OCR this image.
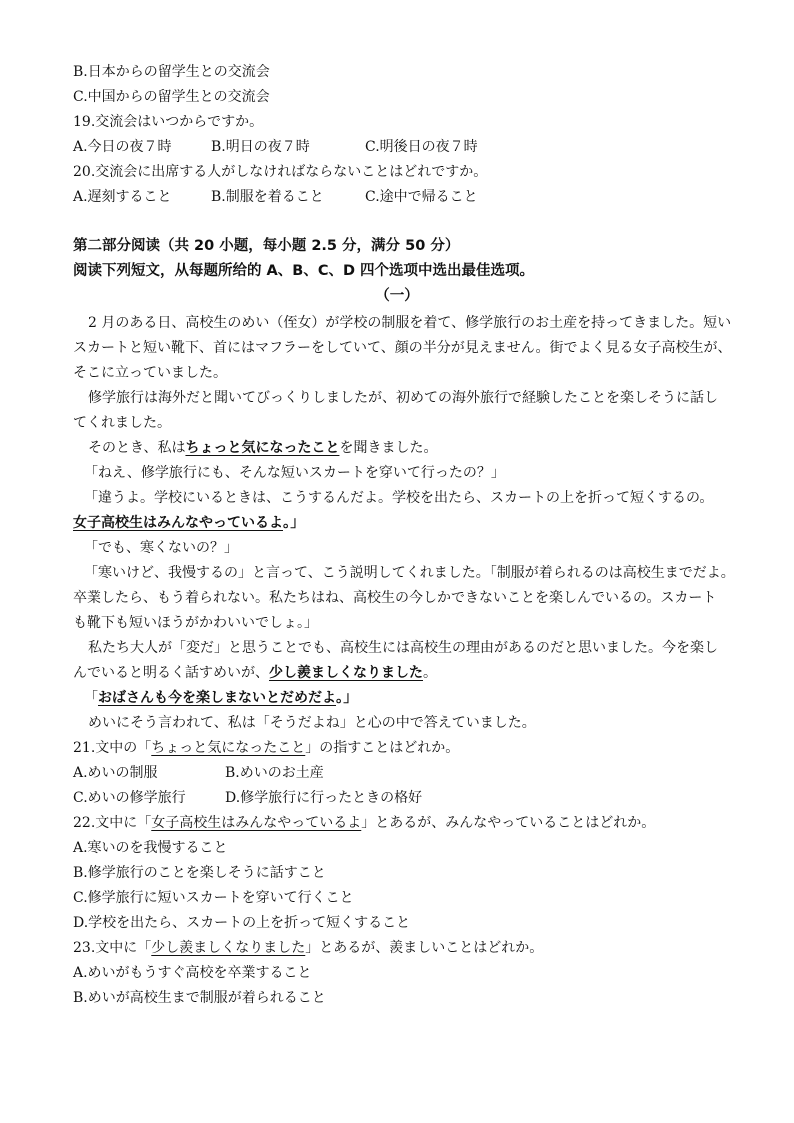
B.日本からの留学生との交流会
C.中国からの留学生との交流会
19.交流会はいつからですか。
A.今日の夜７時	B.明日の夜７時	C.明後日の夜７時
20.交流会に出席する人がしなければならないことはどれですか。
A.遅刻すること	B.制服を着ること	C.途中で帰ること
第二部分阅读（共 20 小题，每小题 2.5 分，满分 50 分）
阅读下列短文，从每题所给的 A、B、C、D 四个选项中选出最佳选项。
（一）
2 月のある日、高校生のめい（侄女）が学校の制服を着て、修学旅行のお土産を持ってきました。短い
スカートと短い靴下、首にはマフラーをしていて、顔の半分が見えません。街でよく見る女子高校生が、
そこに立っていました。
修学旅行は海外だと聞いてびっくりしましたが、初めての海外旅行で経験したことを楽しそうに話し
てくれました。
そのとき、私はちょっと気になったことを聞きました。
「ねえ、修学旅行にも、そんな短いスカートを穿いて行ったの？」
「違うよ。学校にいるときは、こうするんだよ。学校を出たら、スカートの上を折って短くするの。
女子高校生はみんなやっているよ。」
「でも、寒くないの？」
「寒いけど、我慢するの」と言って、こう説明してくれました。「制服が着られるのは高校生までだよ。
卒業したら、もう着られない。私たちはね、高校生の今しかできないことを楽しんでいるの。スカート
も靴下も短いほうがかわいいでしょ。」
私たち大人が「変だ」と思うことでも、高校生には高校生の理由があるのだと思いました。今を楽し
んでいると明るく話すめいが、少し羨ましくなりました。
「おばさんも今を楽しまないとだめだよ。」
めいにそう言われて、私は「そうだよね」と心の中で答えていました。
21.文中の「ちょっと気になったこと」の指すことはどれか。
A.めいの制服	B.めいのお土産
C.めいの修学旅行	D.修学旅行に行ったときの格好
22.文中に「女子高校生はみんなやっているよ」とあるが、みんなやっていることはどれか。
A.寒いのを我慢すること
B.修学旅行のことを楽しそうに話すこと
C.修学旅行に短いスカートを穿いて行くこと
D.学校を出たら、スカートの上を折って短くすること
23.文中に「少し羨ましくなりました」とあるが、羨ましいことはどれか。
A.めいがもうすぐ高校を卒業すること
B.めいが高校生まで制服が着られること
